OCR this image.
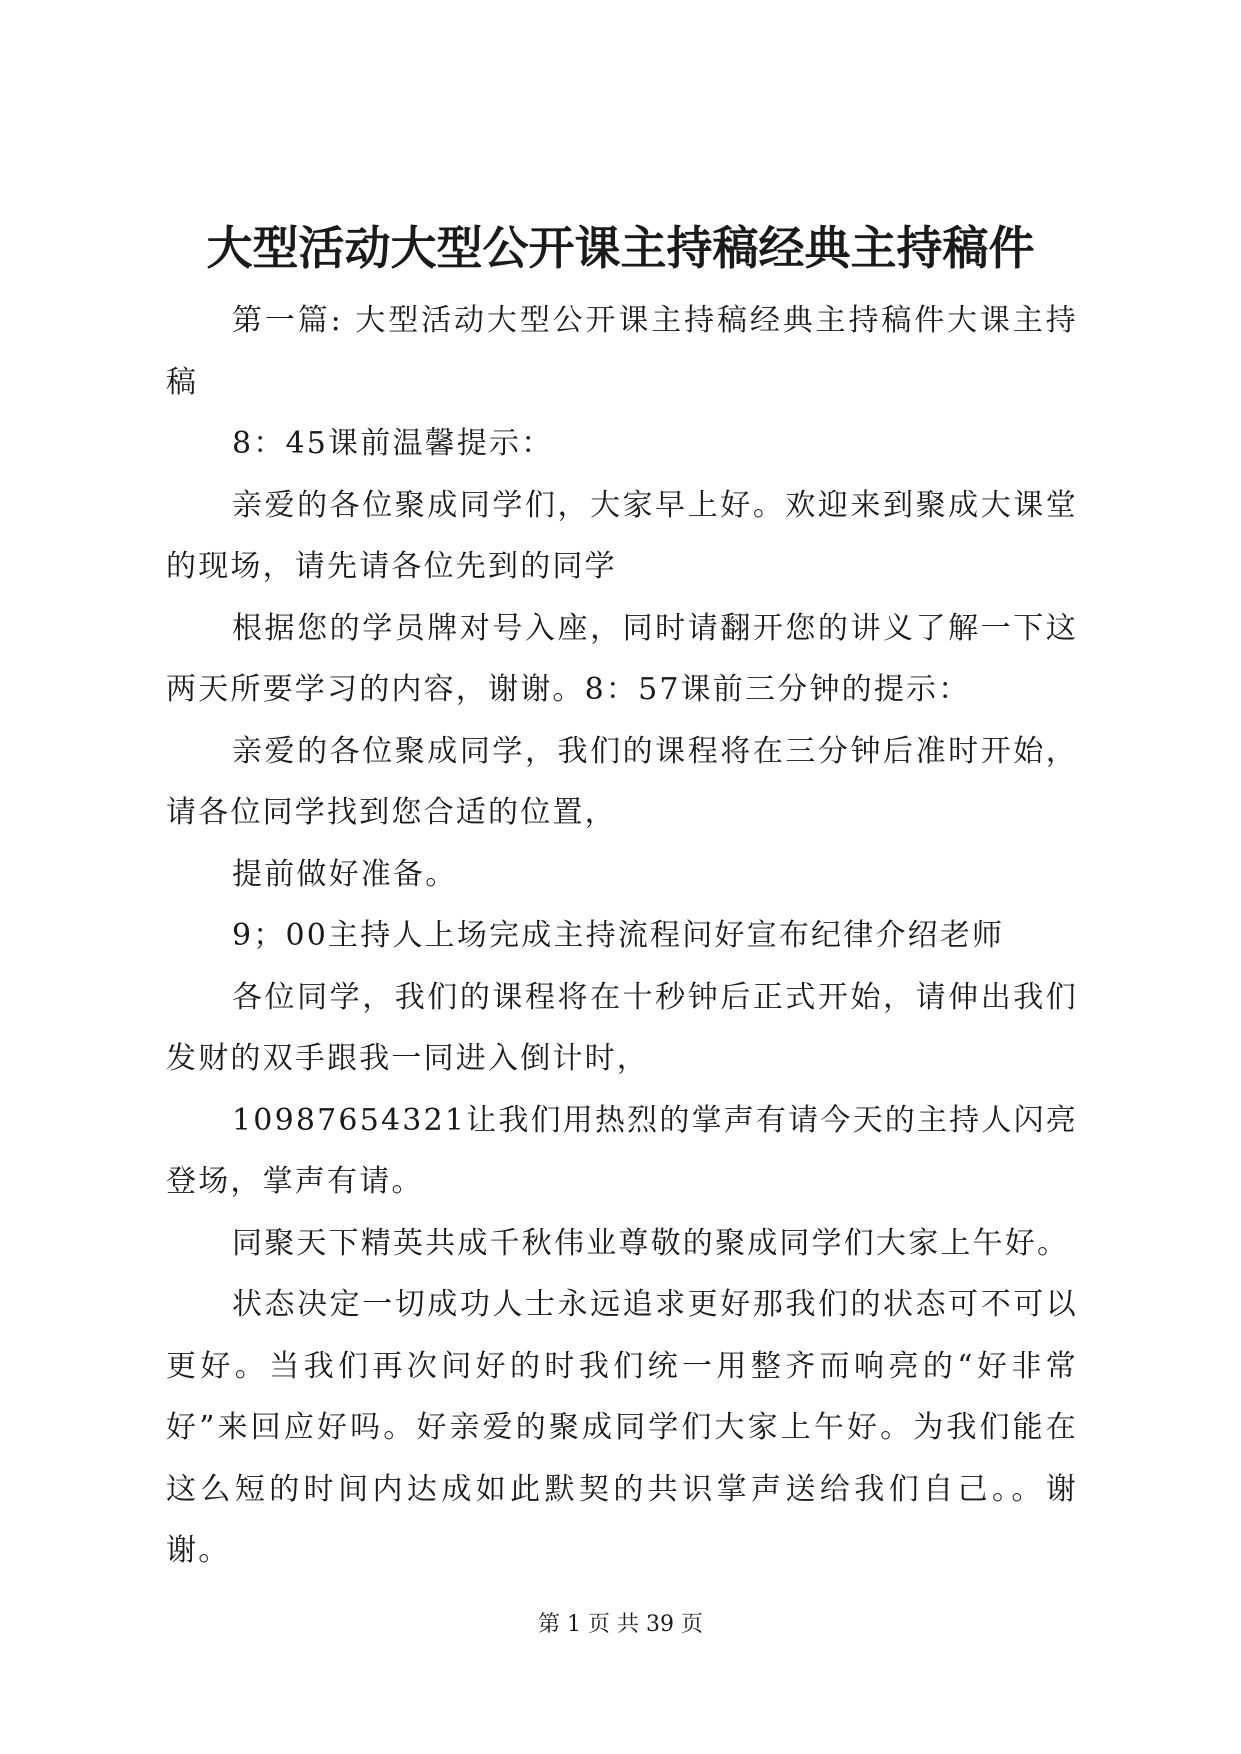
大型活动大型公开课主持稿经典主持稿件

第一篇: 大型活动大型公开课主持稿经典主持稿件大课主持稿

8：45课前温馨提示：

亲爱的各位聚成同学们，大家早上好。欢迎来到聚成大课堂的现场，请先请各位先到的同学

根据您的学员牌对号入座，同时请翻开您的讲义了解一下这两天所要学习的内容，谢谢。8：57课前三分钟的提示：

亲爱的各位聚成同学，我们的课程将在三分钟后准时开始，请各位同学找到您合适的位置，

提前做好准备。

9；00主持人上场完成主持流程问好宣布纪律介绍老师

各位同学，我们的课程将在十秒钟后正式开始，请伸出我们发财的双手跟我一同进入倒计时，

10987654321让我们用热烈的掌声有请今天的主持人闪亮登场，掌声有请。

同聚天下精英共成千秋伟业尊敬的聚成同学们大家上午好。

状态决定一切成功人士永远追求更好那我们的状态可不可以更好。当我们再次问好的时我们统一用整齐而响亮的“好非常好”来回应好吗。好亲爱的聚成同学们大家上午好。为我们能在这么短的时间内达成如此默契的共识掌声送给我们自己。。谢谢。

第 1 页 共 39 页
